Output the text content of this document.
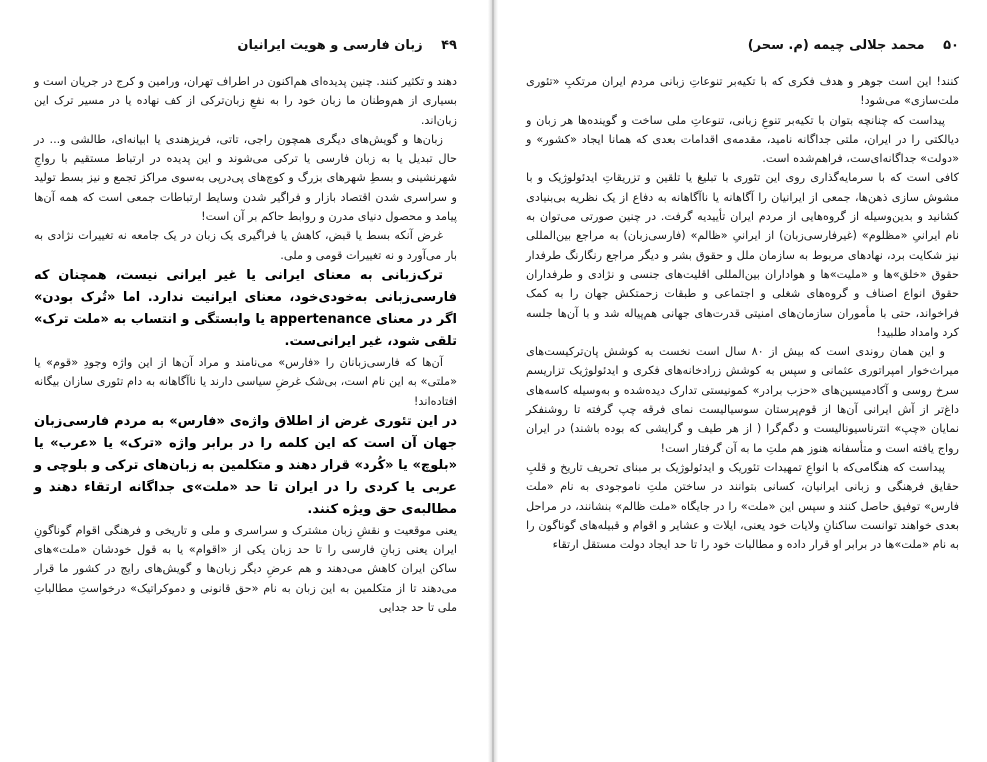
۴۹ زبان فارسی و هویت ایرانیان

دهند و تکثیر کنند. چنین پدیده‌ای هم‌اکنون در اطراف تهران، ورامین و کرج در جریان است و بسیاری از هم‌وطنان ما زبان خود را به نفعِ زبان‌ترکی از کف نهاده یا در مسیر ترک این زبان‌اند.

زبان‌ها و گویش‌های دیگری همچون راجی، تاتی، فریزهندی یا ابیانه‌ای، طالشی و... در حال تبدیل یا به زبان فارسی یا ترکی می‌شوند و این پدیده در ارتباط مستقیم با رواجِ شهرنشینی و بسطِ شهرهای بزرگ و کوچ‌های پی‌درپی به‌سوی مراکز تجمع و نیز بسط تولید و سراسری شدن اقتصاد بازار و فراگیر شدن وسایط ارتباطات جمعی است که همه آن‌ها پیامد و محصول دنیای مدرن و روابط حاکم بر آن است!

غرض آنکه بسط یا قبض، کاهش یا فراگیری یک زبان در یک جامعه نه تغییرات نژادی به بار می‌آورد و نه تغییرات قومی و ملی.

ترک‌زبانی به معنای ایرانی یا غیر ایرانی نیست، همچنان که فارسی‌زبانی به‌خودی‌خود، معنای ایرانیت ندارد. اما «تُرک بودن» اگر در معنای appertenance یا وابستگی و انتساب به «ملت ترک» تلقی شود، غیر ایرانی‌ست.

آن‌ها که فارسی‌زبانان را «فارس» می‌نامند و مراد آن‌ها از این واژه وجودِ «قوم» یا «ملتی» به این نام است، بی‌شک غرضِ سیاسی دارند یا ناآگاهانه به دام تئوری سازان بیگانه افتاده‌اند!

در این تئوری غرض از اطلاق واژه‌ی «فارس» به مردم فارسی‌زبان جهان آن است که این کلمه را در برابر واژه «ترک» یا «عرب» یا «بلوچ» یا «کُرد» قرار دهند و متکلمین به زبان‌های ترکی و بلوچی و عربی یا کردی را در ایران تا حد «ملت»ی جداگانه ارتقاء دهند و مطالبه‌ی حق ویژه کنند.

یعنی موقعیت و نقشِ زبان مشترک و سراسری و ملی و تاریخی و فرهنگی اقوام گوناگونِ ایران یعنی زبانِ فارسی را تا حد زبان یکی از «اقوام» یا به قول خودشان «ملت»های ساکن ایران کاهش می‌دهند و هم عرضِ دیگر زبان‌ها و گویش‌های رایج در کشور ما قرار می‌دهند تا از متکلمین به این زبان به نام «حق قانونی و دموکراتیک» درخواستِ مطالباتِ ملی تا حد جدایی

۵۰ محمد جلالی چیمه (م. سحر)

کنند! این است جوهر و هدف فکری که با تکیه‌بر تنوعاتِ زبانی مردم ایران مرتکبِ «تئوری ملت‌سازی» می‌شود!

پیداست که چنانچه بتوان با تکیه‌بر تنوعِ زبانی، تنوعاتِ ملی ساخت و گوینده‌ها هر زبان و دیالکتی را در ایران، ملتی جداگانه نامید، مقدمه‌ی اقدامات بعدی که همانا ایجاد «کشور» و «دولت» جداگانه‌ای‌ست، فراهم‌شده است.

کافی است که با سرمایه‌گذاری روی این تئوری با تبلیغ یا تلقین و تزریقاتِ ایدئولوژیک و با مشوش سازی ذهن‌ها، جمعی از ایرانیان را آگاهانه یا ناآگاهانه به دفاع از یک نظریه بی‌بنیادی کشانید و بدین‌وسیله از گروه‌هایی از مردم ایران تأییدیه گرفت. در چنین صورتی می‌توان به نام ایرانیِ «مظلوم» (غیرفارسی‌زبان) از ایرانیِ «ظالم» (فارسی‌زبان) به مراجع بین‌المللی نیز شکایت برد، نهادهای مربوط به سازمان ملل و حقوق بشر و دیگر مراجع رنگارنگ طرفدار حقوق «خلق»ها و «ملیت»ها و هواداران بین‌المللی اقلیت‌های جنسی و نژادی و طرفداران حقوق انواع اصناف و گروه‌های شغلی و اجتماعی و طبقات زحمتکش جهان را به کمک فراخواند، حتی با مأموران سازمان‌های امنیتی قدرت‌های جهانی هم‌پیاله شد و با آن‌ها جلسه کرد وامداد طلبید!

و این همان روندی است که بیش از ۸۰ سال است نخست به کوشش پان‌ترکیست‌های میراث‌خوار امپراتوری عثمانی و سپس به کوشش زرادخانه‌های فکری و ایدئولوژیک تزاریسم سرخ روسی و آکادمیسین‌های «حزب برادر» کمونیستی تدارک دیده‌شده و به‌وسیله کاسه‌های داغ‌تر از آش ایرانی آن‌ها از قوم‌پرستان سوسیالیست نمای فرقه چپ گرفته تا روشنفکر نمایان «چپ» انترناسیونالیست و دگم‌گرا ( از هر طیف و گرایشی که بوده باشند) در ایران رواج یافته است و متأسفانه هنوز هم ملتِ ما به آن گرفتار است!

پیداست که هنگامی‌که با انواعِ تمهیدات تئوریک و ایدئولوژیک بر مبنای تحریف تاریخ و قلبِ حقایق فرهنگی و زبانی ایرانیان، کسانی بتوانند در ساختن ملتِ ناموجودی به نام «ملت فارس» توفیق حاصل کنند و سپس این «ملت» را در جایگاه «ملت ظالم» بنشانند، در مراحل بعدی خواهند توانست ساکنانِ ولایات خود یعنی، ایلات و عشایر و اقوام و قبیله‌های گوناگون را به نام «ملت»ها در برابر او قرار داده و مطالبات خود را تا حد ایجاد دولت مستقل ارتقاء
